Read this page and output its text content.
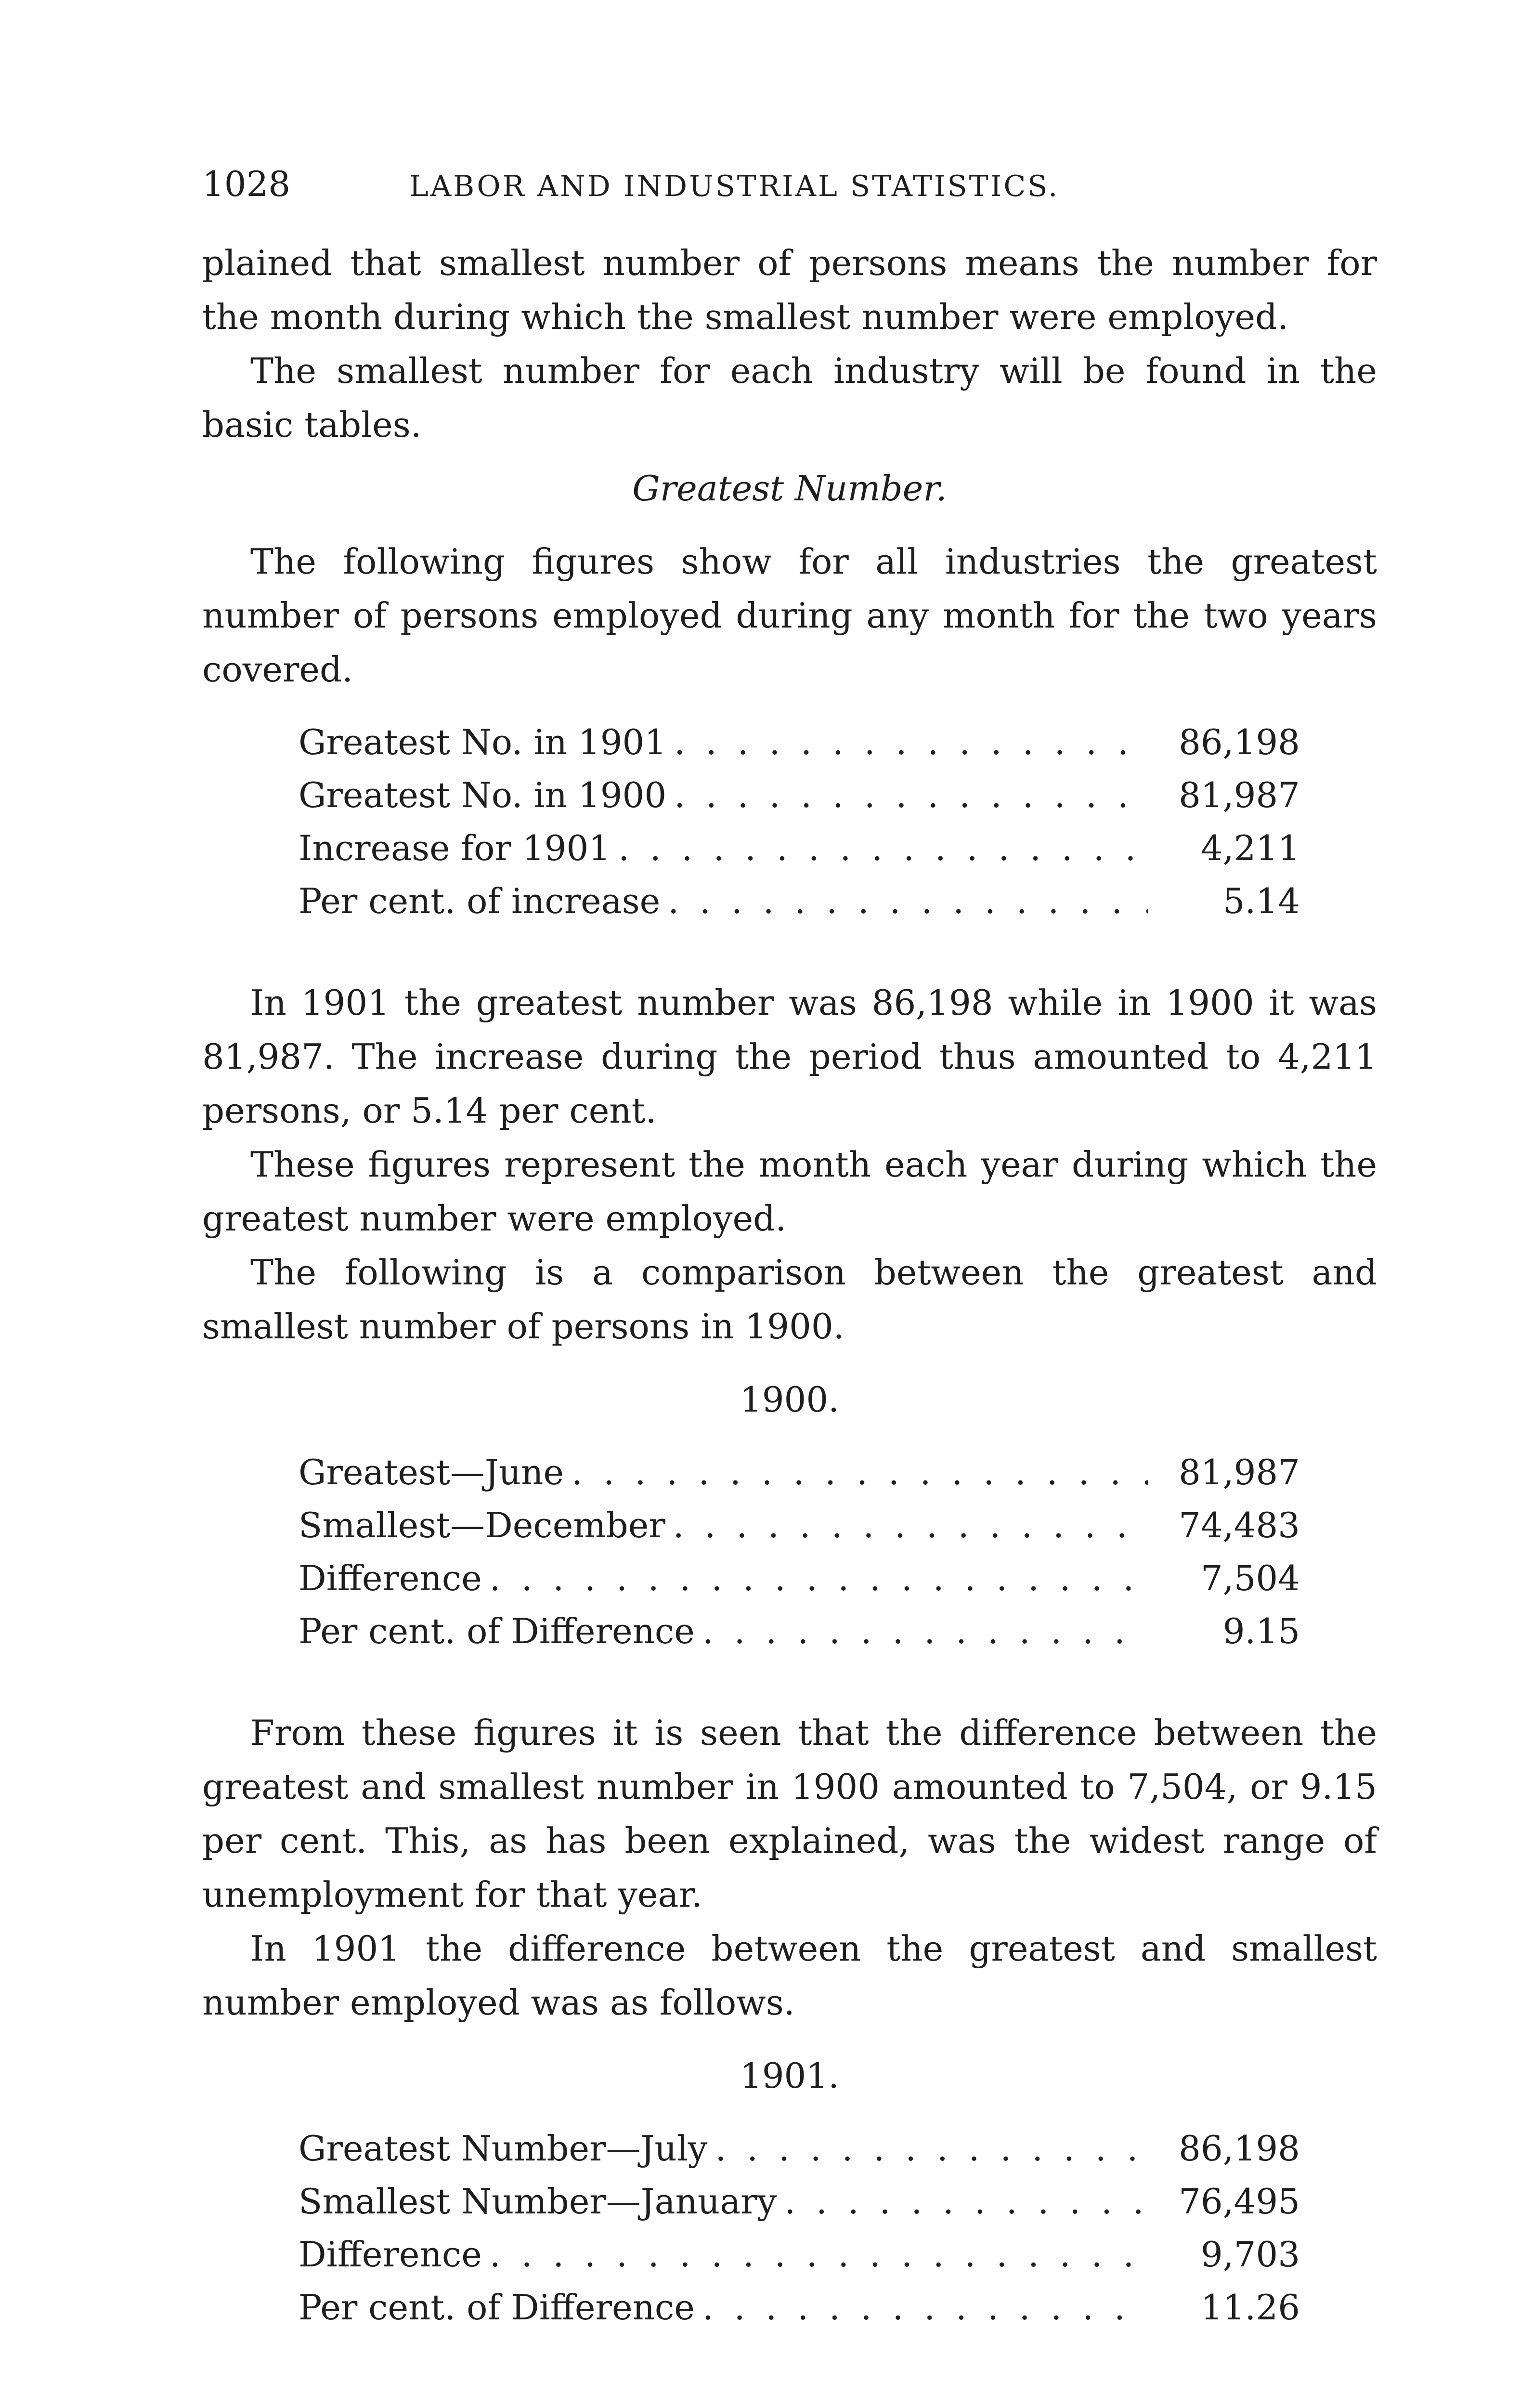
1028	LABOR AND INDUSTRIAL STATISTICS.

plained that smallest number of persons means the number for the month during which the smallest number were employed.

The smallest number for each industry will be found in the basic tables.

Greatest Number.

The following figures show for all industries the greatest number of persons employed during any month for the two years covered.

Greatest No. in 1901 . . .	86,198
Greatest No. in 1900 . . .	81,987
Increase for 1901 . . .	4,211
Per cent. of increase . . .	5.14

In 1901 the greatest number was 86,198 while in 1900 it was 81,987. The increase during the period thus amounted to 4,211 persons, or 5.14 per cent.

These figures represent the month each year during which the greatest number were employed.

The following is a comparison between the greatest and smallest number of persons in 1900.

1900.
Greatest—June . . .	81,987
Smallest—December . . .	74,483
Difference . . .	7,504
Per cent. of Difference . . .	9.15

From these figures it is seen that the difference between the greatest and smallest number in 1900 amounted to 7,504, or 9.15 per cent. This, as has been explained, was the widest range of unemployment for that year.

In 1901 the difference between the greatest and smallest number employed was as follows.

1901.
Greatest Number—July . . .	86,198
Smallest Number—January . . .	76,495
Difference . . .	9,703
Per cent. of Difference . . .	11.26
